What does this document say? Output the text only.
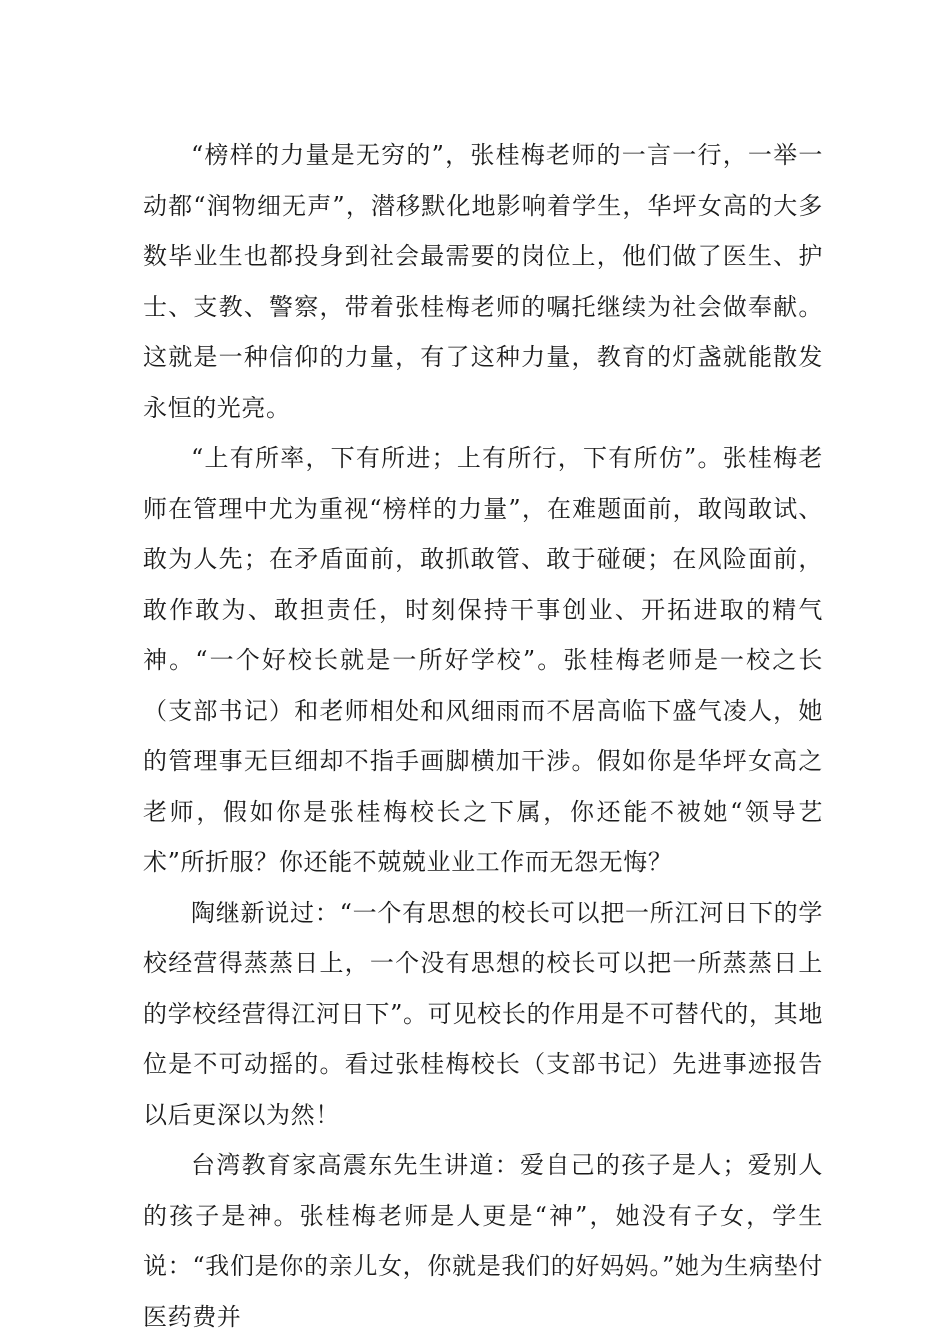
“榜样的力量是无穷的”，张桂梅老师的一言一行，一举一动都“润物细无声”，潜移默化地影响着学生，华坪女高的大多数毕业生也都投身到社会最需要的岗位上，他们做了医生、护士、支教、警察，带着张桂梅老师的嘱托继续为社会做奉献。这就是一种信仰的力量，有了这种力量，教育的灯盏就能散发永恒的光亮。

“上有所率，下有所进；上有所行，下有所仿”。张桂梅老师在管理中尤为重视“榜样的力量”，在难题面前，敢闯敢试、敢为人先；在矛盾面前，敢抓敢管、敢于碰硬；在风险面前，敢作敢为、敢担责任，时刻保持干事创业、开拓进取的精气神。“一个好校长就是一所好学校”。张桂梅老师是一校之长（支部书记）和老师相处和风细雨而不居高临下盛气凌人，她的管理事无巨细却不指手画脚横加干涉。假如你是华坪女高之老师，假如你是张桂梅校长之下属，你还能不被她“领导艺术”所折服？你还能不兢兢业业工作而无怨无悔？

陶继新说过：“一个有思想的校长可以把一所江河日下的学校经营得蒸蒸日上，一个没有思想的校长可以把一所蒸蒸日上的学校经营得江河日下”。可见校长的作用是不可替代的，其地位是不可动摇的。看过张桂梅校长（支部书记）先进事迹报告以后更深以为然！

台湾教育家高震东先生讲道：爱自己的孩子是人；爱别人的孩子是神。张桂梅老师是人更是“神”，她没有子女，学生说：“我们是你的亲儿女，你就是我们的好妈妈。”她为生病垫付医药费并
